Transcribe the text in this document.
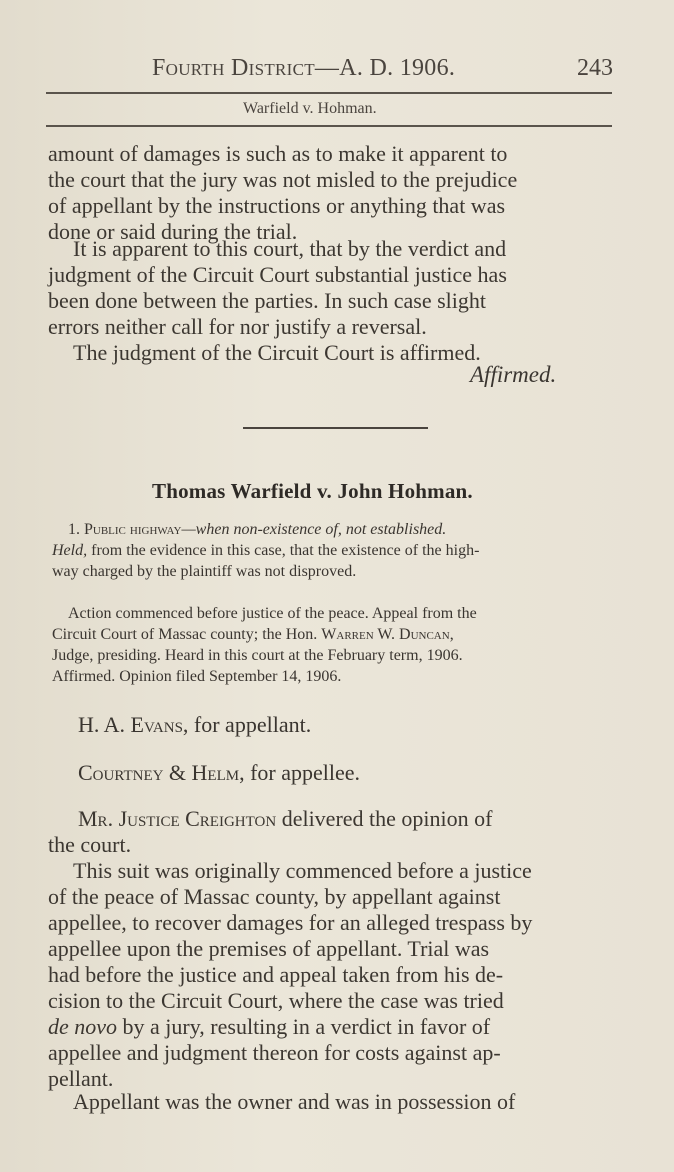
Fourth District—A. D. 1906.	243
Warfield v. Hohman.
amount of damages is such as to make it apparent to
the court that the jury was not misled to the prejudice
of appellant by the instructions or anything that was
done or said during the trial.
It is apparent to this court, that by the verdict and
judgment of the Circuit Court substantial justice has
been done between the parties. In such case slight
errors neither call for nor justify a reversal.
The judgment of the Circuit Court is affirmed.
Affirmed.
Thomas Warfield v. John Hohman.
1. Public highway—when non-existence of, not established.
Held, from the evidence in this case, that the existence of the high-
way charged by the plaintiff was not disproved.
Action commenced before justice of the peace. Appeal from the
Circuit Court of Massac county; the Hon. Warren W. Duncan,
Judge, presiding. Heard in this court at the February term, 1906.
Affirmed. Opinion filed September 14, 1906.
H. A. Evans, for appellant.
Courtney & Helm, for appellee.
Mr. Justice Creighton delivered the opinion of
the court.
This suit was originally commenced before a justice
of the peace of Massac county, by appellant against
appellee, to recover damages for an alleged trespass by
appellee upon the premises of appellant. Trial was
had before the justice and appeal taken from his de-
cision to the Circuit Court, where the case was tried
de novo by a jury, resulting in a verdict in favor of
appellee and judgment thereon for costs against ap-
pellant.
Appellant was the owner and was in possession of
